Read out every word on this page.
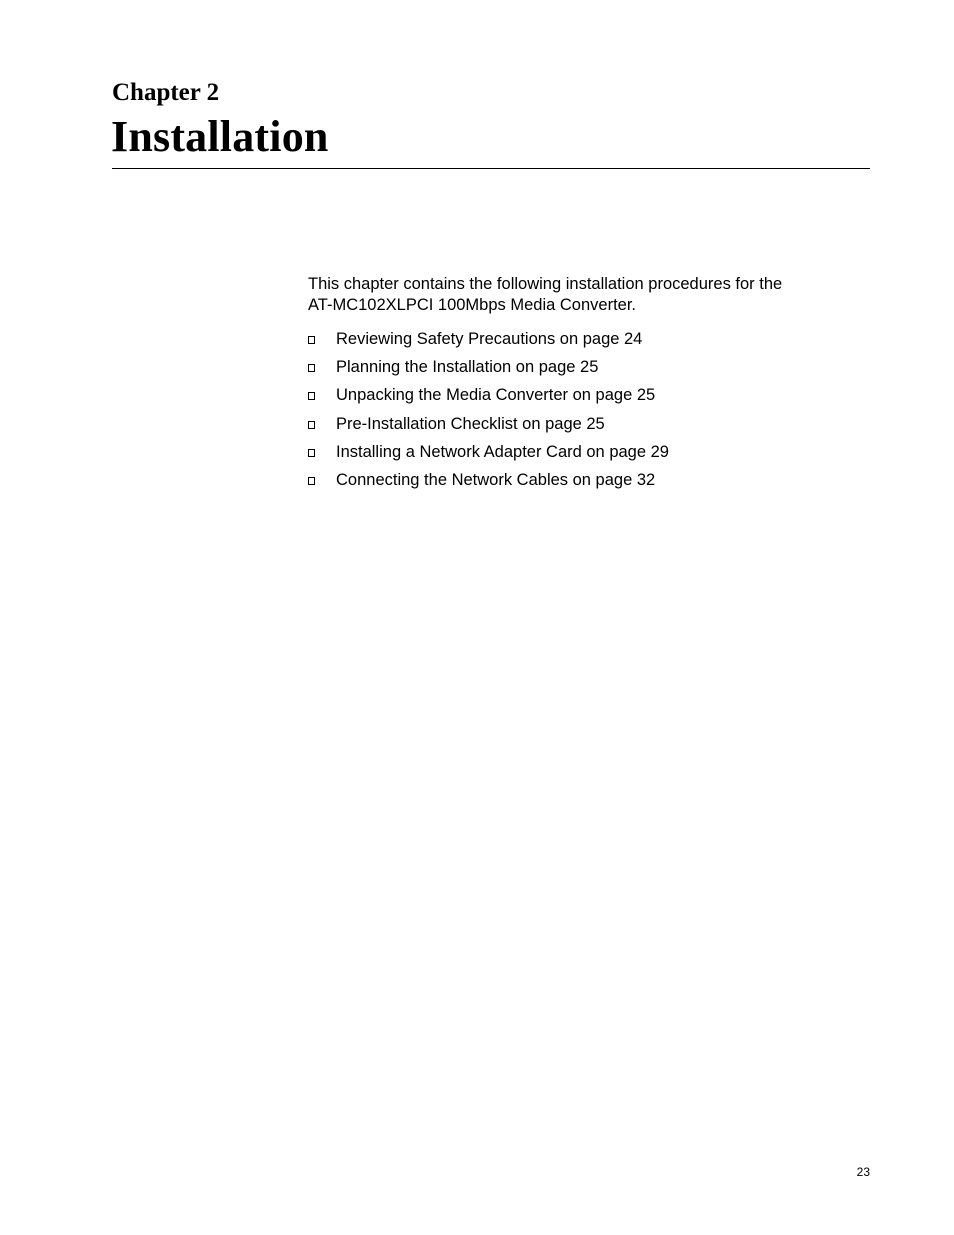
Chapter 2
Installation

This chapter contains the following installation procedures for the
AT-MC102XLPCI 100Mbps Media Converter.

Reviewing Safety Precautions on page 24
Planning the Installation on page 25
Unpacking the Media Converter on page 25
Pre-Installation Checklist on page 25
Installing a Network Adapter Card on page 29
Connecting the Network Cables on page 32
23
